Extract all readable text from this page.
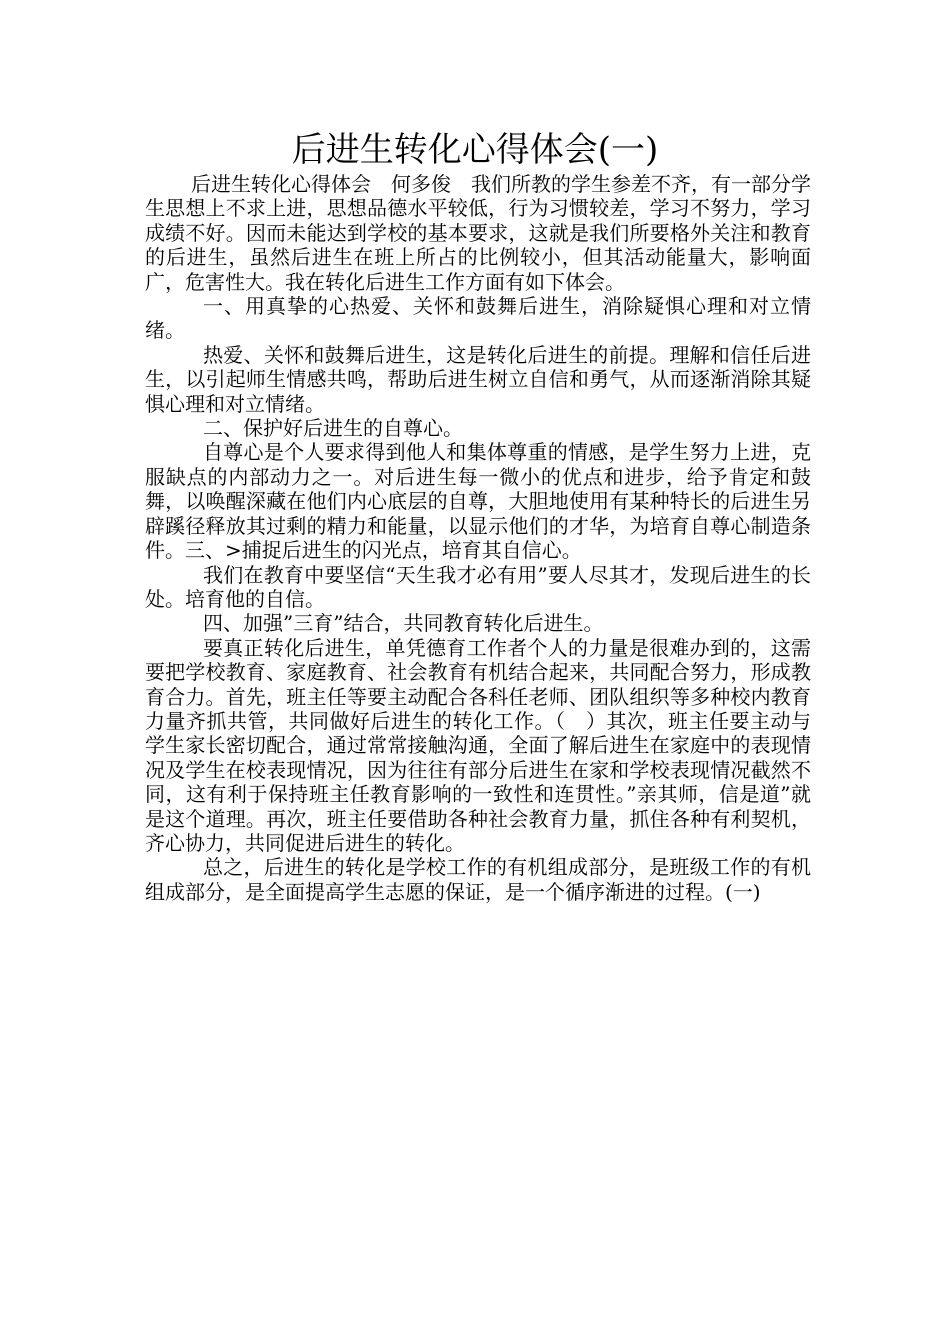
后进生转化心得体会(一)

后进生转化心得体会　何多俊　我们所教的学生参差不齐，有一部分学生思想上不求上进，思想品德水平较低，行为习惯较差，学习不努力，学习成绩不好。因而未能达到学校的基本要求，这就是我们所要格外关注和教育的后进生，虽然后进生在班上所占的比例较小，但其活动能量大，影响面广，危害性大。我在转化后进生工作方面有如下体会。

一、用真挚的心热爱、关怀和鼓舞后进生，消除疑惧心理和对立情绪。

热爱、关怀和鼓舞后进生，这是转化后进生的前提。理解和信任后进生，以引起师生情感共鸣，帮助后进生树立自信和勇气，从而逐渐消除其疑惧心理和对立情绪。

二、保护好后进生的自尊心。

自尊心是个人要求得到他人和集体尊重的情感，是学生努力上进，克服缺点的内部动力之一。对后进生每一微小的优点和进步，给予肯定和鼓舞，以唤醒深藏在他们内心底层的自尊，大胆地使用有某种特长的后进生另辟蹊径释放其过剩的精力和能量，以显示他们的才华，为培育自尊心制造条件。三、>捕捉后进生的闪光点，培育其自信心。

我们在教育中要坚信“天生我才必有用”要人尽其才，发现后进生的长处。培育他的自信。

四、加强”三育”结合，共同教育转化后进生。

要真正转化后进生，单凭德育工作者个人的力量是很难办到的，这需要把学校教育、家庭教育、社会教育有机结合起来，共同配合努力，形成教育合力。首先，班主任等要主动配合各科任老师、团队组织等多种校内教育力量齐抓共管，共同做好后进生的转化工作。（　）其次，班主任要主动与学生家长密切配合，通过常常接触沟通，全面了解后进生在家庭中的表现情况及学生在校表现情况，因为往往有部分后进生在家和学校表现情况截然不同，这有利于保持班主任教育影响的一致性和连贯性。”亲其师，信是道”就是这个道理。再次，班主任要借助各种社会教育力量，抓住各种有利契机，齐心协力，共同促进后进生的转化。

总之，后进生的转化是学校工作的有机组成部分，是班级工作的有机组成部分，是全面提高学生志愿的保证，是一个循序渐进的过程。(一)
